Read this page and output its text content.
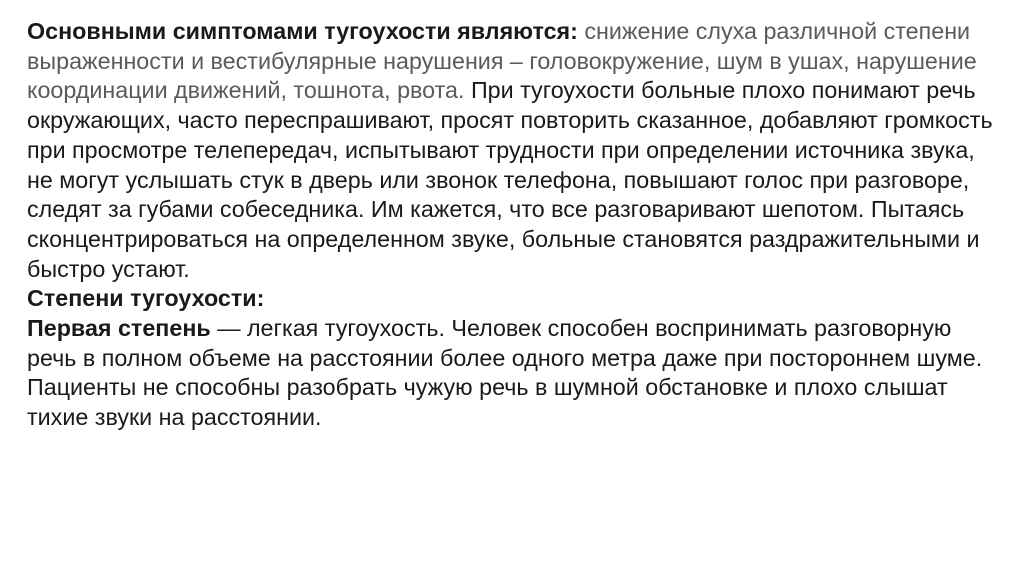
Основными симптомами тугоухости являются: снижение слуха различной степени выраженности и вестибулярные нарушения – головокружение, шум в ушах, нарушение координации движений, тошнота, рвота. При тугоухости больные плохо понимают речь окружающих, часто переспрашивают, просят повторить сказанное, добавляют громкость при просмотре телепередач, испытывают трудности при определении источника звука, не могут услышать стук в дверь или звонок телефона, повышают голос при разговоре, следят за губами собеседника. Им кажется, что все разговаривают шепотом. Пытаясь сконцентрироваться на определенном звуке, больные становятся раздражительными и быстро устают.

Степени тугоухости:

Первая степень — легкая тугоухость. Человек способен воспринимать разговорную речь в полном объеме на расстоянии более одного метра даже при постороннем шуме. Пациенты не способны разобрать чужую речь в шумной обстановке и плохо слышат тихие звуки на расстоянии.
